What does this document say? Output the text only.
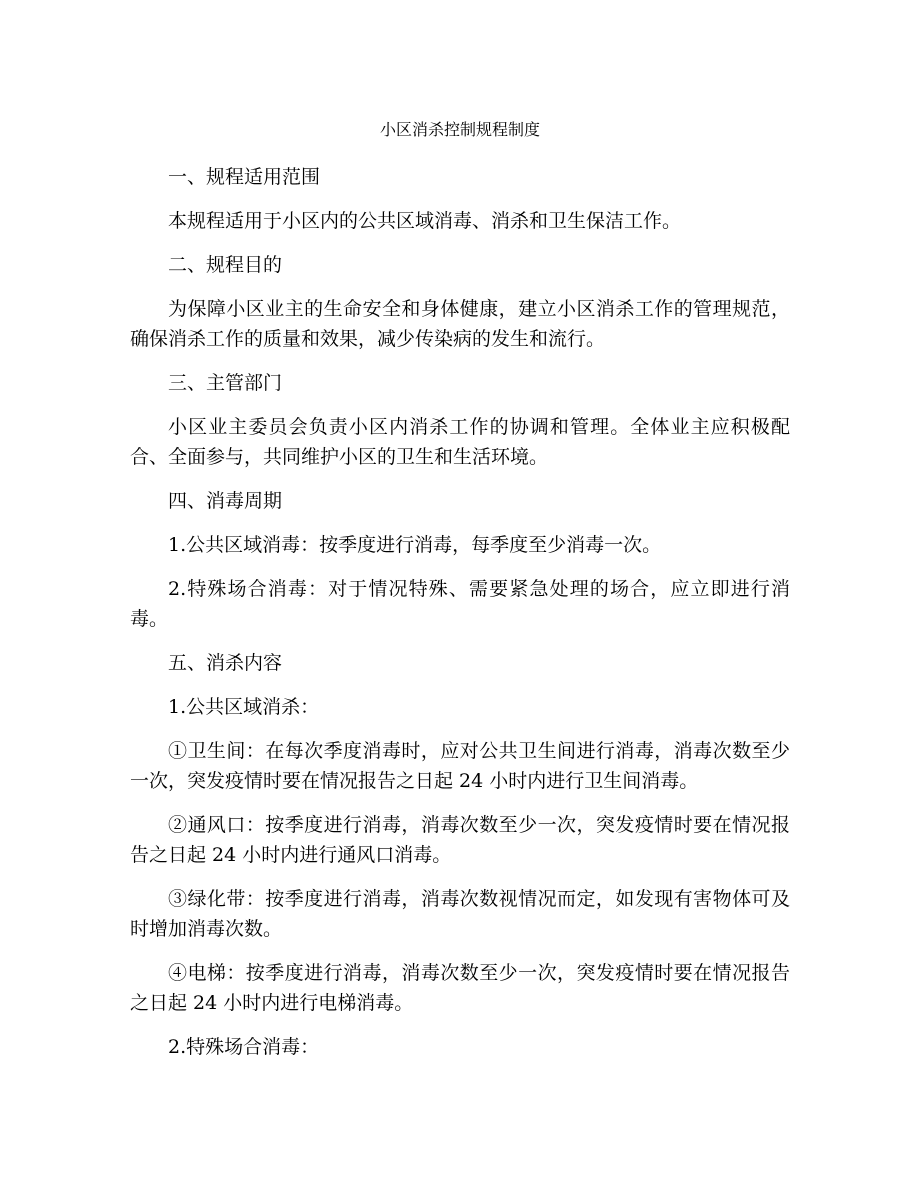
小区消杀控制规程制度

一、规程适用范围

本规程适用于小区内的公共区域消毒、消杀和卫生保洁工作。

二、规程目的

为保障小区业主的生命安全和身体健康，建立小区消杀工作的管理规范，确保消杀工作的质量和效果，减少传染病的发生和流行。

三、主管部门

小区业主委员会负责小区内消杀工作的协调和管理。全体业主应积极配合、全面参与，共同维护小区的卫生和生活环境。

四、消毒周期

1.公共区域消毒：按季度进行消毒，每季度至少消毒一次。

2.特殊场合消毒：对于情况特殊、需要紧急处理的场合，应立即进行消毒。

五、消杀内容

1.公共区域消杀：

①卫生间：在每次季度消毒时，应对公共卫生间进行消毒，消毒次数至少一次，突发疫情时要在情况报告之日起 24 小时内进行卫生间消毒。

②通风口：按季度进行消毒，消毒次数至少一次，突发疫情时要在情况报告之日起 24 小时内进行通风口消毒。

③绿化带：按季度进行消毒，消毒次数视情况而定，如发现有害物体可及时增加消毒次数。

④电梯：按季度进行消毒，消毒次数至少一次，突发疫情时要在情况报告之日起 24 小时内进行电梯消毒。

2.特殊场合消毒：
